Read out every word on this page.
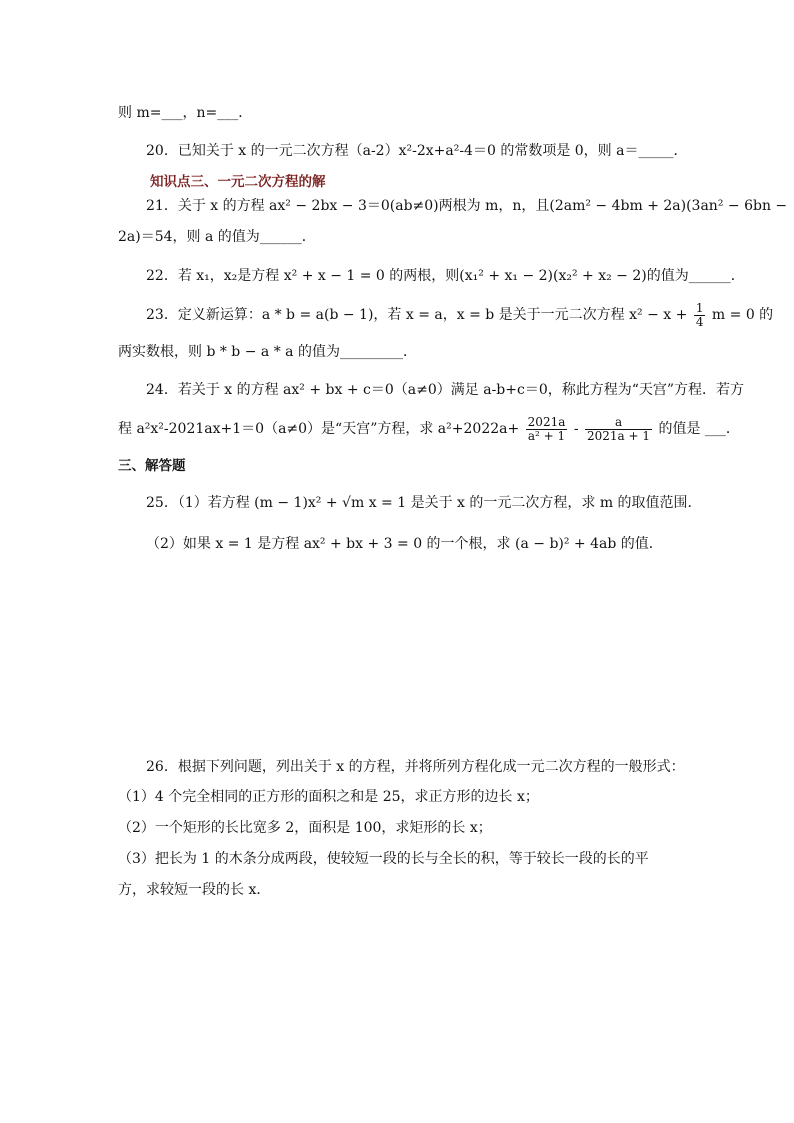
则 m=___，n=___．
20．已知关于 x 的一元二次方程（a-2）x²-2x+a²-4＝0 的常数项是 0，则 a＝_____．
知识点三、一元二次方程的解
21．关于 x 的方程 ax² − 2bx − 3＝0(ab≠0)两根为 m，n，且(2am² − 4bm + 2a)(3an² − 6bn −
2a)＝54，则 a 的值为______．
22．若 x₁，x₂是方程 x² + x − 1 = 0 的两根，则(x₁² + x₁ − 2)(x₂² + x₂ − 2)的值为______．
23．定义新运算：a * b = a(b − 1)，若 x = a，x = b 是关于一元二次方程 $x^2 - x + \frac{1}{4}$ m = 0 的
两实数根，则 b * b − a * a 的值为_________．
24．若关于 x 的方程 ax² + bx + c＝0（a≠0）满足 a-b+c＝0，称此方程为“天宫”方程．若方
程 a²x²-2021ax+1＝0（a≠0）是“天宫”方程，求 $a^2+2022a+ \frac{2021a}{\text{a² + 1}} - \frac{a}{2021a + 1}$ 的值是 ___．
三、解答题
25．（1）若方程 (m − 1)x² + √m x = 1 是关于 x 的一元二次方程，求 m 的取值范围．
（2）如果 x = 1 是方程 ax² + bx + 3 = 0 的一个根，求 (a − b)² + 4ab 的值．
26．根据下列问题，列出关于 x 的方程，并将所列方程化成一元二次方程的一般形式：
（1）4 个完全相同的正方形的面积之和是 25，求正方形的边长 x；
（2）一个矩形的长比宽多 2，面积是 100，求矩形的长 x；
（3）把长为 1 的木条分成两段，使较短一段的长与全长的积，等于较长一段的长的平
方，求较短一段的长 x．
